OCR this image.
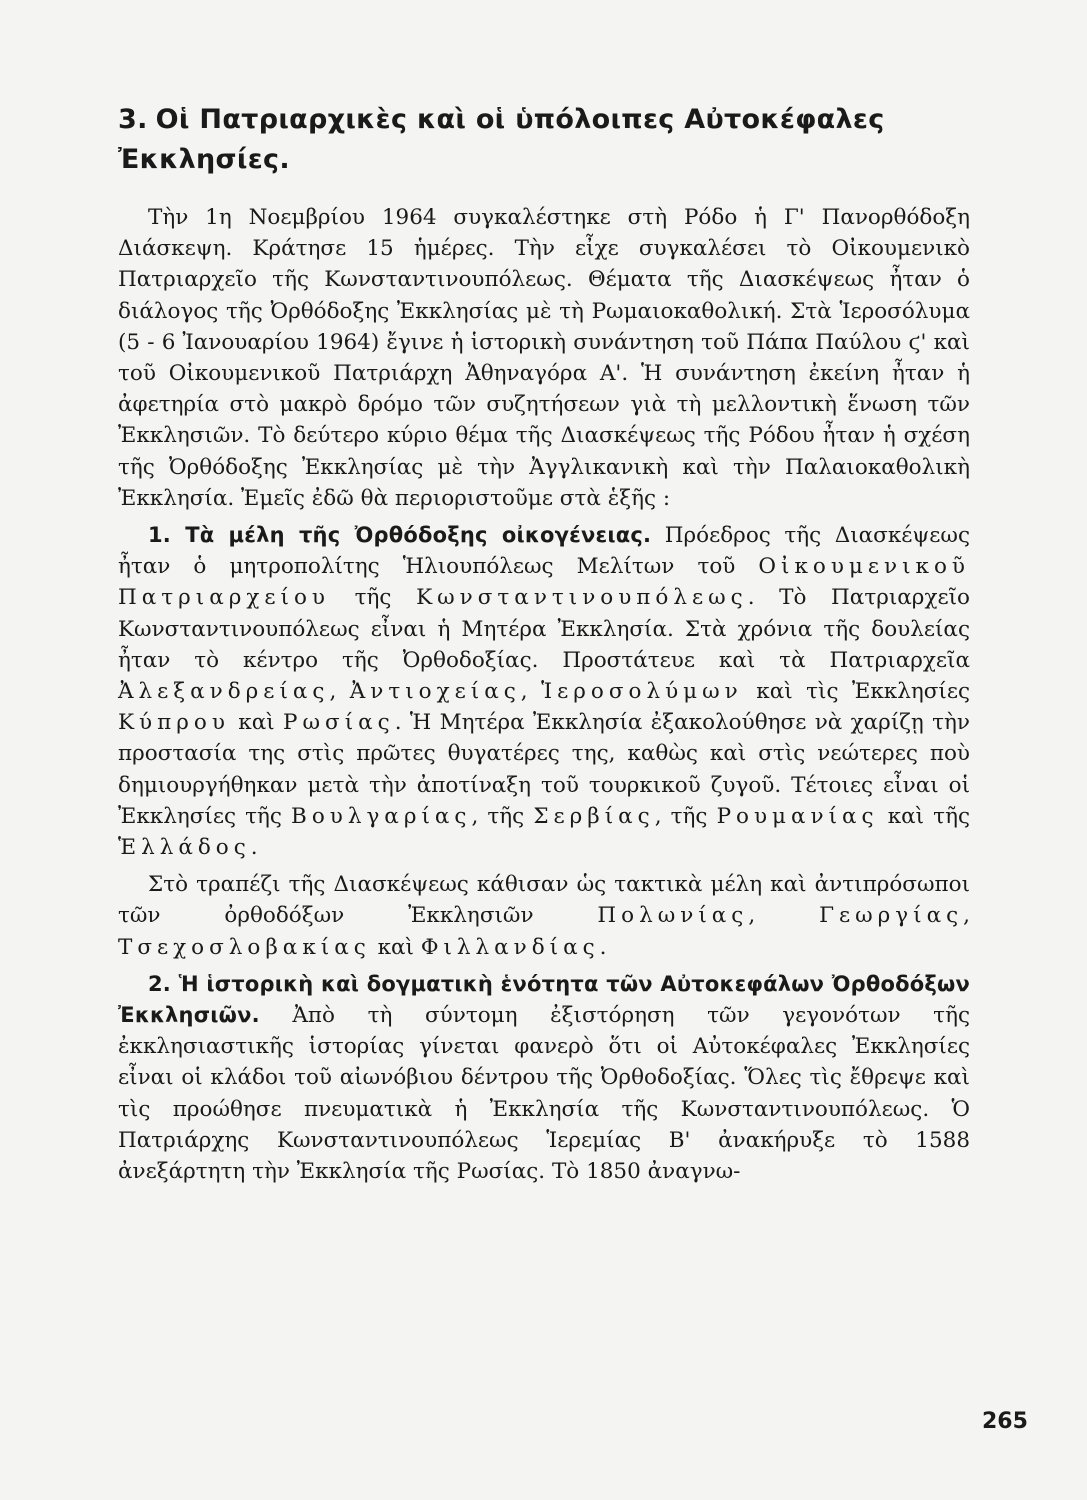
3. Οἱ Πατριαρχικὲς καὶ οἱ ὑπόλοιπες Αὐτοκέφαλες Ἐκκλησίες.

Τὴν 1η Νοεμβρίου 1964 συγκαλέστηκε στὴ Ρόδο ἡ Γ' Πανορθόδοξη Διάσκεψη. Κράτησε 15 ἡμέρες. Τὴν εἶχε συγκαλέσει τὸ Οἰκουμενικὸ Πατριαρχεῖο τῆς Κωνσταντινουπόλεως. Θέματα τῆς Διασκέψεως ἦταν ὁ διάλογος τῆς Ὀρθόδοξης Ἐκκλησίας μὲ τὴ Ρωμαιοκαθολική. Στὰ Ἱεροσόλυμα (5 - 6 Ἰανουαρίου 1964) ἔγινε ἡ ἱστορικὴ συνάντηση τοῦ Πάπα Παύλου ϛ' καὶ τοῦ Οἰκουμενικοῦ Πατριάρχη Ἀθηναγόρα Α'. Ἡ συνάντηση ἐκείνη ἦταν ἡ ἀφετηρία στὸ μακρὸ δρόμο τῶν συζητήσεων γιὰ τὴ μελλοντικὴ ἕνωση τῶν Ἐκκλησιῶν. Τὸ δεύτερο κύριο θέμα τῆς Διασκέψεως τῆς Ρόδου ἦταν ἡ σχέση τῆς Ὀρθόδοξης Ἐκκλησίας μὲ τὴν Ἀγγλικανικὴ καὶ τὴν Παλαιοκαθολικὴ Ἐκκλησία. Ἐμεῖς ἐδῶ θὰ περιοριστοῦμε στὰ ἑξῆς :

1. Τὰ μέλη τῆς Ὀρθόδοξης οἰκογένειας. Πρόεδρος τῆς Διασκέψεως ἦταν ὁ μητροπολίτης Ἡλιουπόλεως Μελίτων τοῦ Οἰκουμενικοῦ Πατριαρχείου τῆς Κωνσταντινουπόλεως. Τὸ Πατριαρχεῖο Κωνσταντινουπόλεως εἶναι ἡ Μητέρα Ἐκκλησία. Στὰ χρόνια τῆς δουλείας ἦταν τὸ κέντρο τῆς Ὀρθοδοξίας. Προστάτευε καὶ τὰ Πατριαρχεῖα Ἀλεξανδρείας, Ἀντιοχείας, Ἱεροσολύμων καὶ τὶς Ἐκκλησίες Κύπρου καὶ Ρωσίας. Ἡ Μητέρα Ἐκκλησία ἐξακολούθησε νὰ χαρίζῃ τὴν προστασία της στὶς πρῶτες θυγατέρες της, καθὼς καὶ στὶς νεώτερες ποὺ δημιουργήθηκαν μετὰ τὴν ἀποτίναξη τοῦ τουρκικοῦ ζυγοῦ. Τέτοιες εἶναι οἱ Ἐκκλησίες τῆς Βουλγαρίας, τῆς Σερβίας, τῆς Ρουμανίας καὶ τῆς Ἑλλάδος.

Στὸ τραπέζι τῆς Διασκέψεως κάθισαν ὡς τακτικὰ μέλη καὶ ἀντιπρόσωποι τῶν ὀρθοδόξων Ἐκκλησιῶν Πολωνίας, Γεωργίας, Τσεχοσλοβακίας καὶ Φιλλανδίας.

2. Ἡ ἱστορικὴ καὶ δογματικὴ ἑνότητα τῶν Αὐτοκεφάλων Ὀρθοδόξων Ἐκκλησιῶν. Ἀπὸ τὴ σύντομη ἐξιστόρηση τῶν γεγονότων τῆς ἐκκλησιαστικῆς ἱστορίας γίνεται φανερὸ ὅτι οἱ Αὐτοκέφαλες Ἐκκλησίες εἶναι οἱ κλάδοι τοῦ αἰωνόβιου δέντρου τῆς Ὀρθοδοξίας. Ὅλες τὶς ἔθρεψε καὶ τὶς προώθησε πνευματικὰ ἡ Ἐκκλησία τῆς Κωνσταντινουπόλεως. Ὁ Πατριάρχης Κωνσταντινουπόλεως Ἱερεμίας Β' ἀνακήρυξε τὸ 1588 ἀνεξάρτητη τὴν Ἐκκλησία τῆς Ρωσίας. Τὸ 1850 ἀναγνω-

265
